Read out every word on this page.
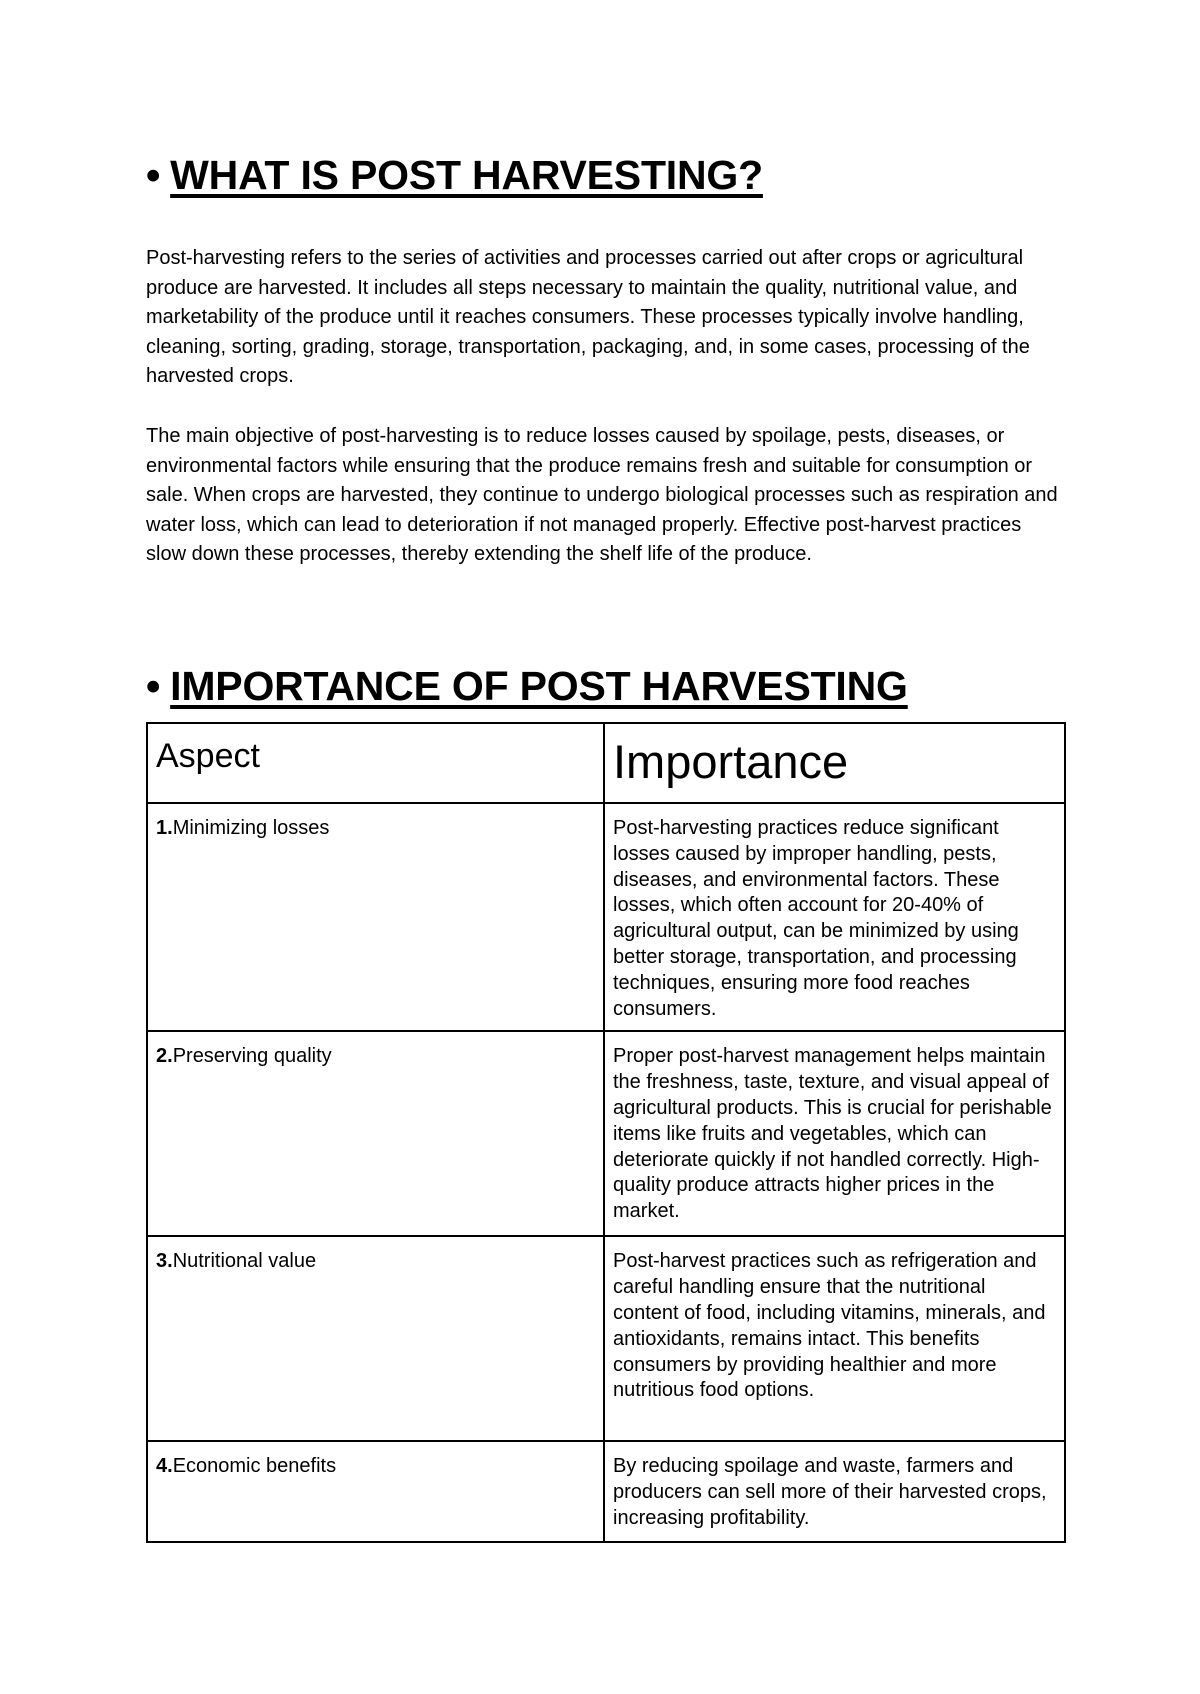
• WHAT IS POST HARVESTING?

Post-harvesting refers to the series of activities and processes carried out after crops or agricultural produce are harvested. It includes all steps necessary to maintain the quality, nutritional value, and marketability of the produce until it reaches consumers. These processes typically involve handling, cleaning, sorting, grading, storage, transportation, packaging, and, in some cases, processing of the harvested crops.

The main objective of post-harvesting is to reduce losses caused by spoilage, pests, diseases, or environmental factors while ensuring that the produce remains fresh and suitable for consumption or sale. When crops are harvested, they continue to undergo biological processes such as respiration and water loss, which can lead to deterioration if not managed properly. Effective post-harvest practices slow down these processes, thereby extending the shelf life of the produce.

• IMPORTANCE OF POST HARVESTING
Aspect	Importance
1.Minimizing losses	Post-harvesting practices reduce significant losses caused by improper handling, pests, diseases, and environmental factors. These losses, which often account for 20-40% of agricultural output, can be minimized by using better storage, transportation, and processing techniques, ensuring more food reaches consumers.
2.Preserving quality	Proper post-harvest management helps maintain the freshness, taste, texture, and visual appeal of agricultural products. This is crucial for perishable items like fruits and vegetables, which can deteriorate quickly if not handled correctly. High-quality produce attracts higher prices in the market.
3.Nutritional value	Post-harvest practices such as refrigeration and careful handling ensure that the nutritional content of food, including vitamins, minerals, and antioxidants, remains intact. This benefits consumers by providing healthier and more nutritious food options.
4.Economic benefits	By reducing spoilage and waste, farmers and producers can sell more of their harvested crops, increasing profitability.
